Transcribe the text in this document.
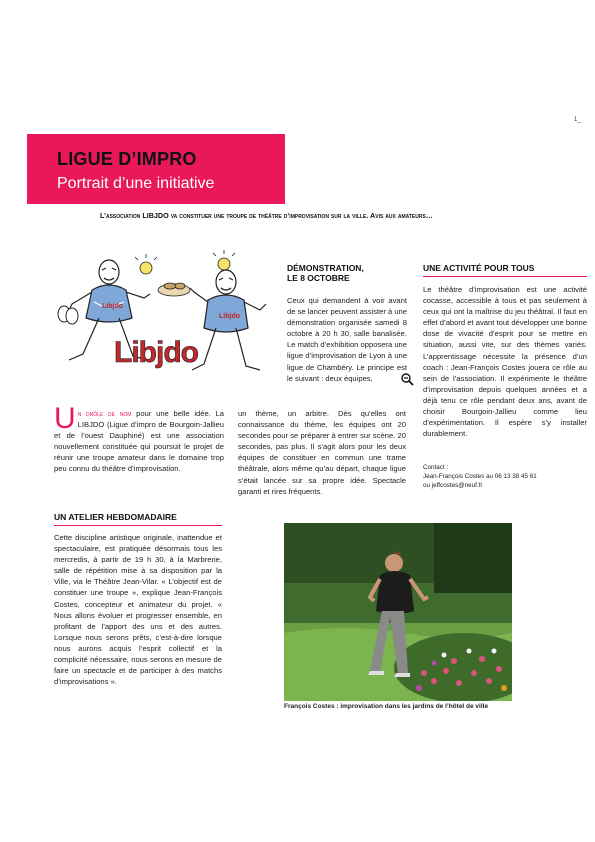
1_
LIGUE D’IMPRO
Portrait d’une initiative
L’association LIBJDO va constituer une troupe de théâtre d’improvisation sur la ville. Avis aux amateurs…
Libjdo
Libjdo
Libjdo
Un drôle de nom pour une belle idée. La LIBJDO (Ligue d’impro de Bourgoin-Jallieu et de l’ouest Dauphiné) est une association nouvellement constituée qui poursuit le projet de réunir une troupe amateur dans le domaine trop peu connu du théâtre d’improvisation.
UN ATELIER HEBDOMADAIRE
Cette discipline artistique originale, inattendue et spectaculaire, est pratiquée désormais tous les mercredis, à partir de 19 h 30, à la Marbrerie, salle de répétition mise à sa disposition par la Ville, via le Théâtre Jean-Vilar. « L’objectif est de constituer une troupe », explique Jean-François Costes, concepteur et animateur du projet. « Nous allons évoluer et progresser ensemble, en profitant de l’apport des uns et des autres. Lorsque nous serons prêts, c’est-à-dire lorsque nous aurons acquis l’esprit collectif et la complicité nécessaire, nous serons en mesure de faire un spectacle et de participer à des matchs d’improvisations ».
DÉMONSTRATION,
LE 8 OCTOBRE
Ceux qui demandent à voir avant de se lancer peuvent assister à une démonstration organisée samedi 8 octobre à 20 h 30, salle banalisée. Le match d’exhibition opposera une ligue d’improvisation de Lyon à une ligue de Chambéry. Le principe est le suivant : deux équipes,
un thème, un arbitre. Dès qu’elles ont connaissance du thème, les équipes ont 20 secondes pour se préparer à entrer sur scène. 20 secondes, pas plus. Il s’agit alors pour les deux équipes de constituer en commun une trame théâtrale, alors même qu’au départ, chaque ligue s’était lancée sur sa propre idée. Spectacle garanti et rires fréquents.
UNE ACTIVITÉ POUR TOUS
Le théâtre d’improvisation est une activité cocasse, accessible à tous et pas seulement à ceux qui ont la maîtrise du jeu théâtral. Il faut en effet d’abord et avant tout développer une bonne dose de vivacité d’esprit pour se mettre en situation, aussi vite, sur des thèmes variés. L’apprentissage nécessite la présence d’un coach : Jean-François Costes jouera ce rôle au sein de l’association. Il expérimente le théâtre d’improvisation depuis quelques années et a déjà tenu ce rôle pendant deux ans, avant de choisir Bourgoin-Jallieu comme lieu d’expérimentation. Il espère s’y installer durablement.
Contact :
Jean-François Costes au 06 13 38 45 61
ou jeffcostes@neuf.fr
François Costes : improvisation dans les jardins de l’hôtel de ville
